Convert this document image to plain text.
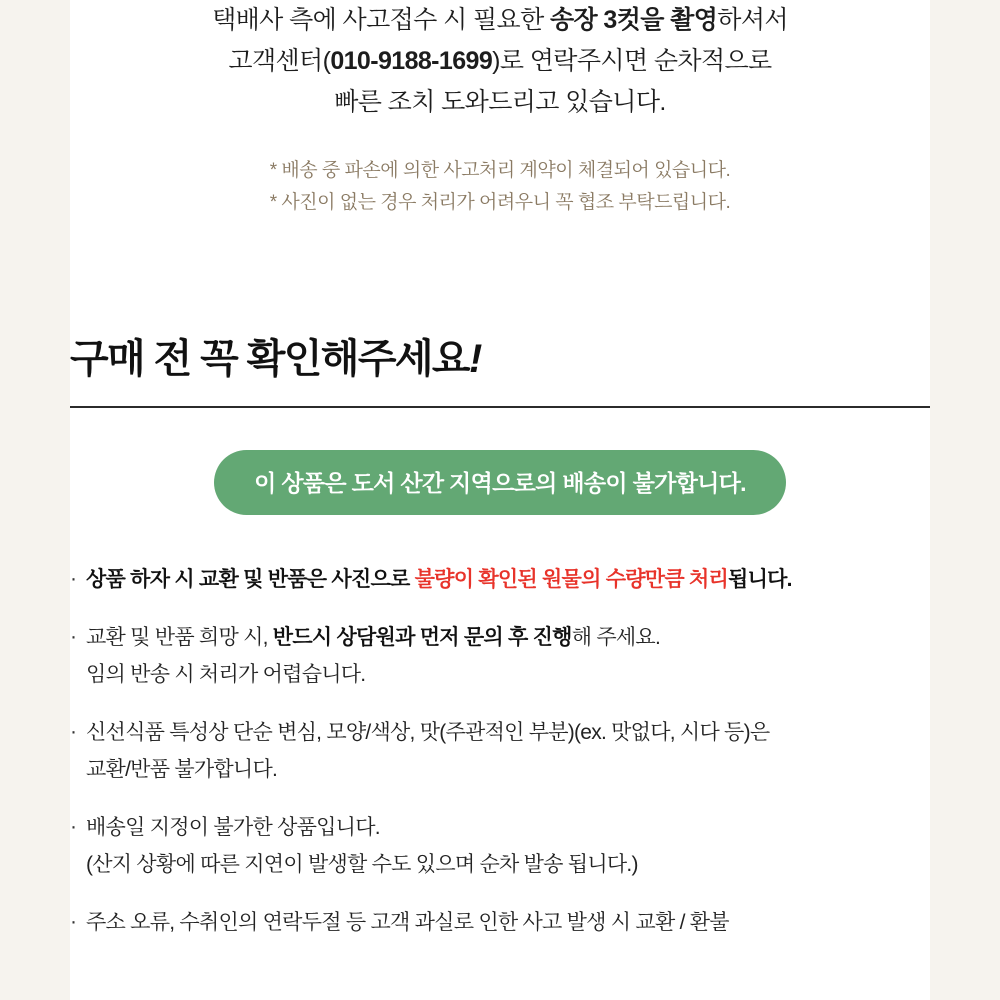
택배사 측에 사고접수 시 필요한 송장 3컷을 촬영하셔서
고객센터(010-9188-1699)로 연락주시면 순차적으로
빠른 조치 도와드리고 있습니다.
* 배송 중 파손에 의한 사고처리 계약이 체결되어 있습니다.
* 사진이 없는 경우 처리가 어려우니 꼭 협조 부탁드립니다.
구매 전 꼭 확인해주세요!
이 상품은 도서 산간 지역으로의 배송이 불가합니다.
· 상품 하자 시 교환 및 반품은 사진으로 불량이 확인된 원물의 수량만큼 처리됩니다.
· 교환 및 반품 희망 시, 반드시 상담원과 먼저 문의 후 진행해 주세요.
임의 반송 시 처리가 어렵습니다.
· 신선식품 특성상 단순 변심, 모양/색상, 맛(주관적인 부분)(ex. 맛없다, 시다 등)은
교환/반품 불가합니다.
· 배송일 지정이 불가한 상품입니다.
(산지 상황에 따른 지연이 발생할 수도 있으며 순차 발송 됩니다.)
· 주소 오류, 수취인의 연락두절 등 고객 과실로 인한 사고 발생 시 교환 / 환불
